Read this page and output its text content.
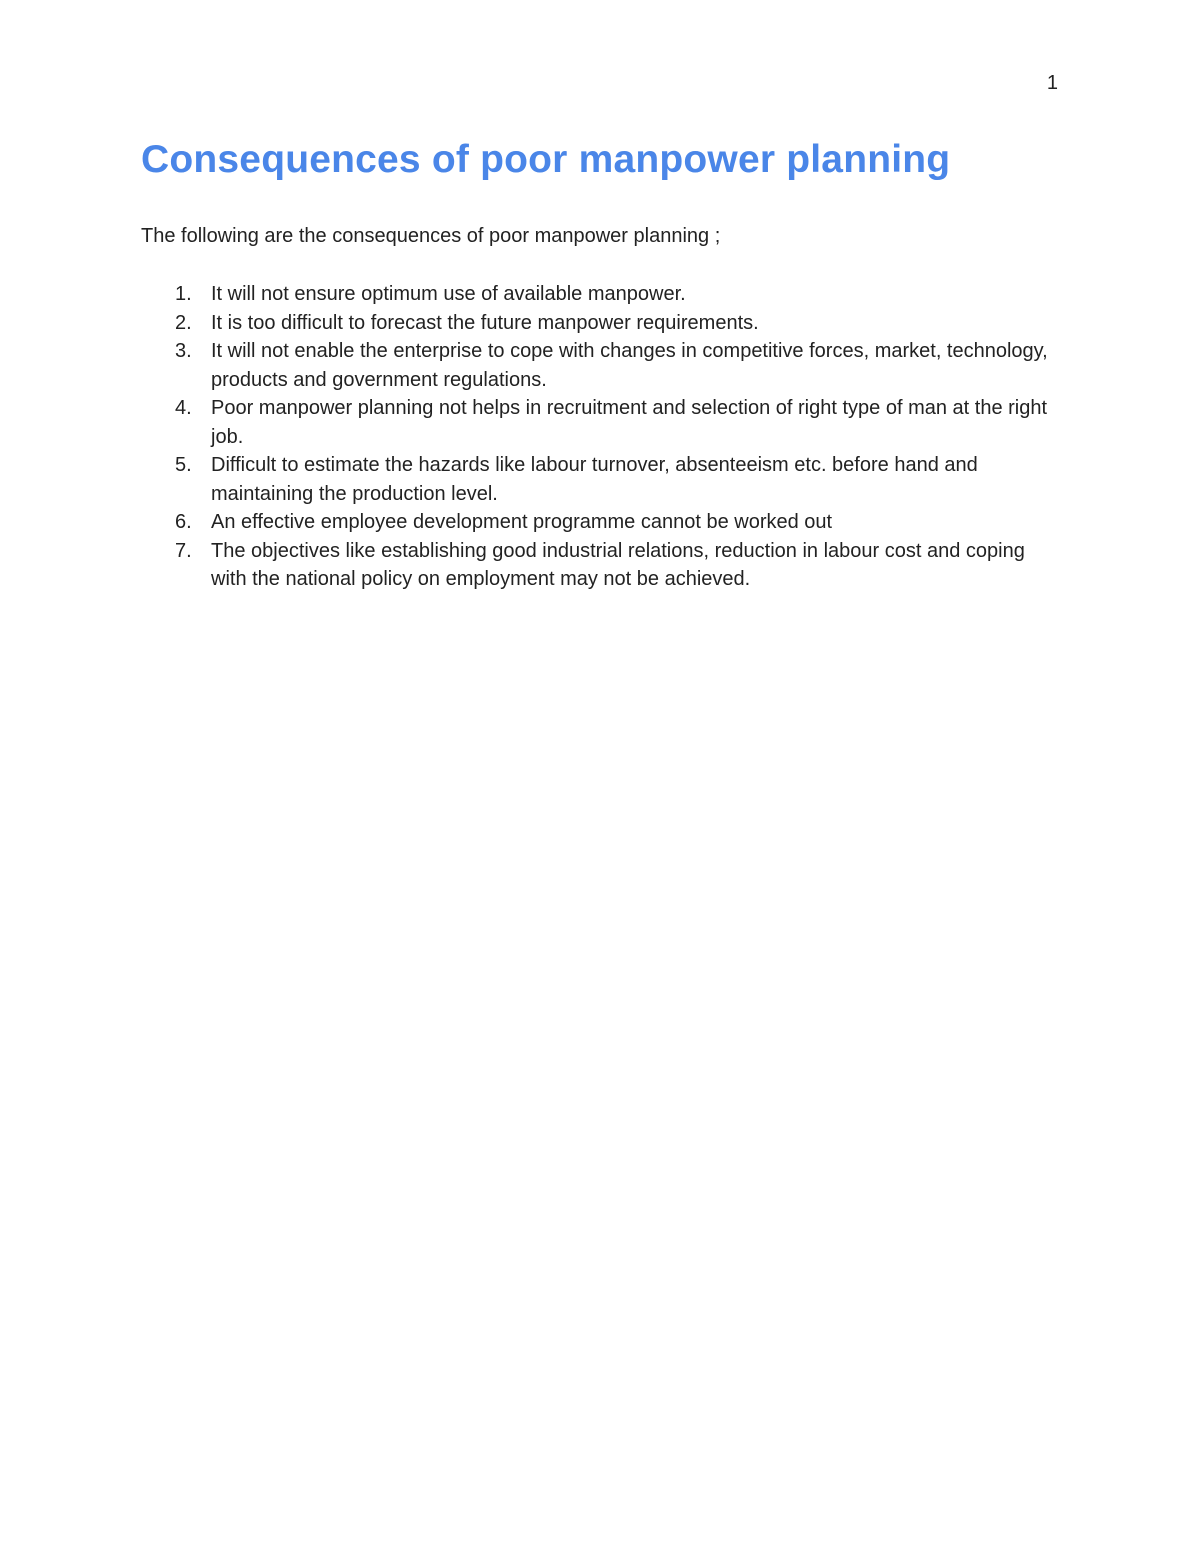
1
Consequences of poor manpower planning

The following are the consequences of poor manpower planning ;

1. It will not ensure optimum use of available manpower.
2. It is too difficult to forecast the future manpower requirements.
3. It will not enable the enterprise to cope with changes in competitive forces, market, technology, products and government regulations.
4. Poor manpower planning not helps in recruitment and selection of right type of man at the right job.
5. Difficult to estimate the hazards like labour turnover, absenteeism etc. before hand and maintaining the production level.
6. An effective employee development programme cannot be worked out
7. The objectives like establishing good industrial relations, reduction in labour cost and coping with the national policy on employment may not be achieved.
